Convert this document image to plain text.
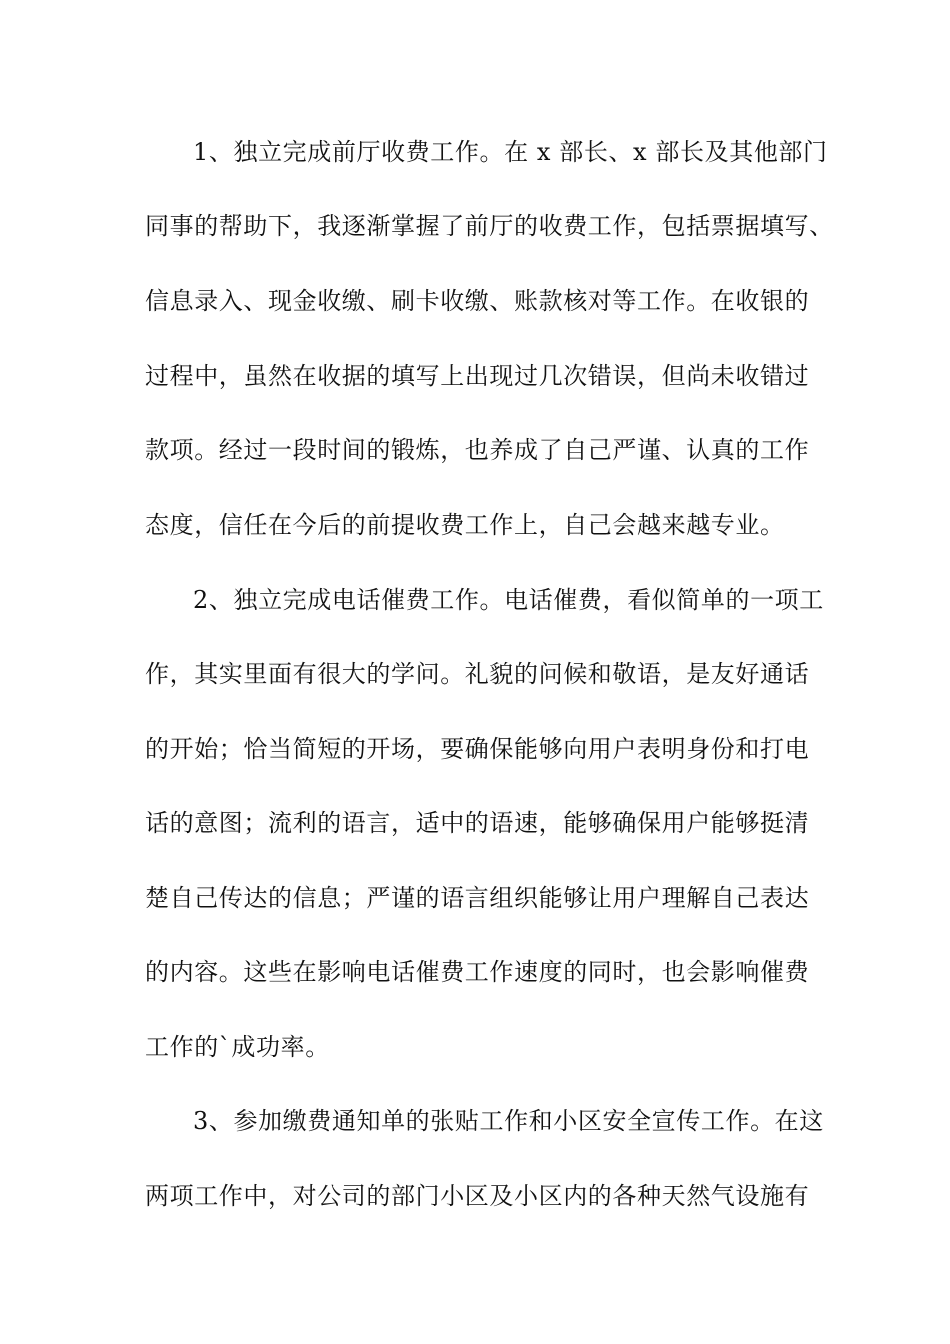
1、独立完成前厅收费工作。在 x 部长、x 部长及其他部门
同事的帮助下，我逐渐掌握了前厅的收费工作，包括票据填写、
信息录入、现金收缴、刷卡收缴、账款核对等工作。在收银的
过程中，虽然在收据的填写上出现过几次错误，但尚未收错过
款项。经过一段时间的锻炼，也养成了自己严谨、认真的工作
态度，信任在今后的前提收费工作上，自己会越来越专业。
2、独立完成电话催费工作。电话催费，看似简单的一项工
作，其实里面有很大的学问。礼貌的问候和敬语，是友好通话
的开始；恰当简短的开场，要确保能够向用户表明身份和打电
话的意图；流利的语言，适中的语速，能够确保用户能够挺清
楚自己传达的信息；严谨的语言组织能够让用户理解自己表达
的内容。这些在影响电话催费工作速度的同时，也会影响催费
工作的`成功率。
3、参加缴费通知单的张贴工作和小区安全宣传工作。在这
两项工作中，对公司的部门小区及小区内的各种天然气设施有
